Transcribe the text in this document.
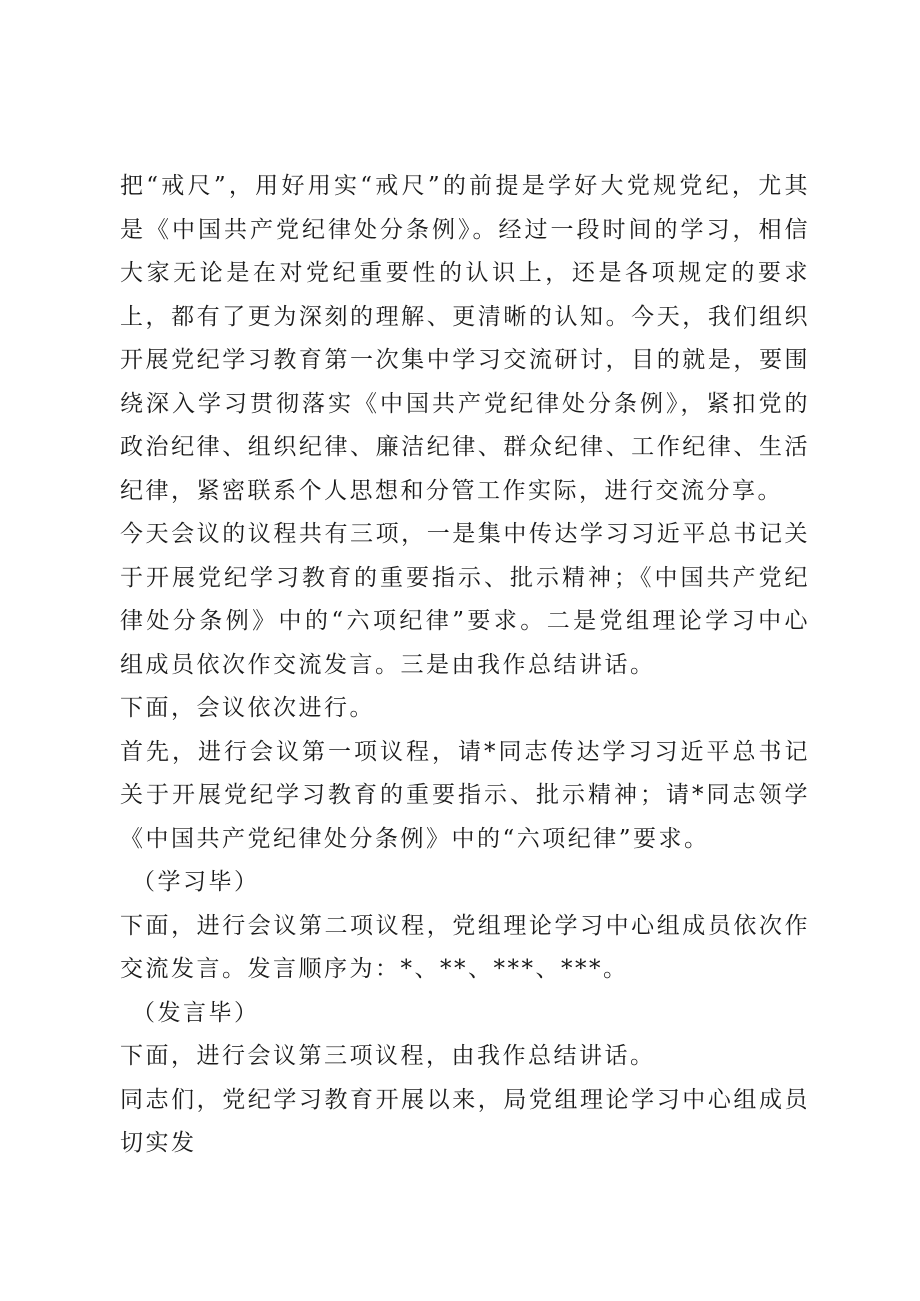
把“戒尺”，用好用实“戒尺”的前提是学好大党规党纪，尤其是《中国共产党纪律处分条例》。经过一段时间的学习，相信大家无论是在对党纪重要性的认识上，还是各项规定的要求上，都有了更为深刻的理解、更清晰的认知。今天，我们组织开展党纪学习教育第一次集中学习交流研讨，目的就是，要围绕深入学习贯彻落实《中国共产党纪律处分条例》，紧扣党的政治纪律、组织纪律、廉洁纪律、群众纪律、工作纪律、生活纪律，紧密联系个人思想和分管工作实际，进行交流分享。

今天会议的议程共有三项，一是集中传达学习习近平总书记关于开展党纪学习教育的重要指示、批示精神；《中国共产党纪律处分条例》中的“六项纪律”要求。二是党组理论学习中心组成员依次作交流发言。三是由我作总结讲话。

下面，会议依次进行。

首先，进行会议第一项议程，请*同志传达学习习近平总书记关于开展党纪学习教育的重要指示、批示精神；请*同志领学《中国共产党纪律处分条例》中的“六项纪律”要求。

（学习毕）

下面，进行会议第二项议程，党组理论学习中心组成员依次作交流发言。发言顺序为：*、**、***、***。

（发言毕）

下面，进行会议第三项议程，由我作总结讲话。

同志们，党纪学习教育开展以来，局党组理论学习中心组成员切实发
